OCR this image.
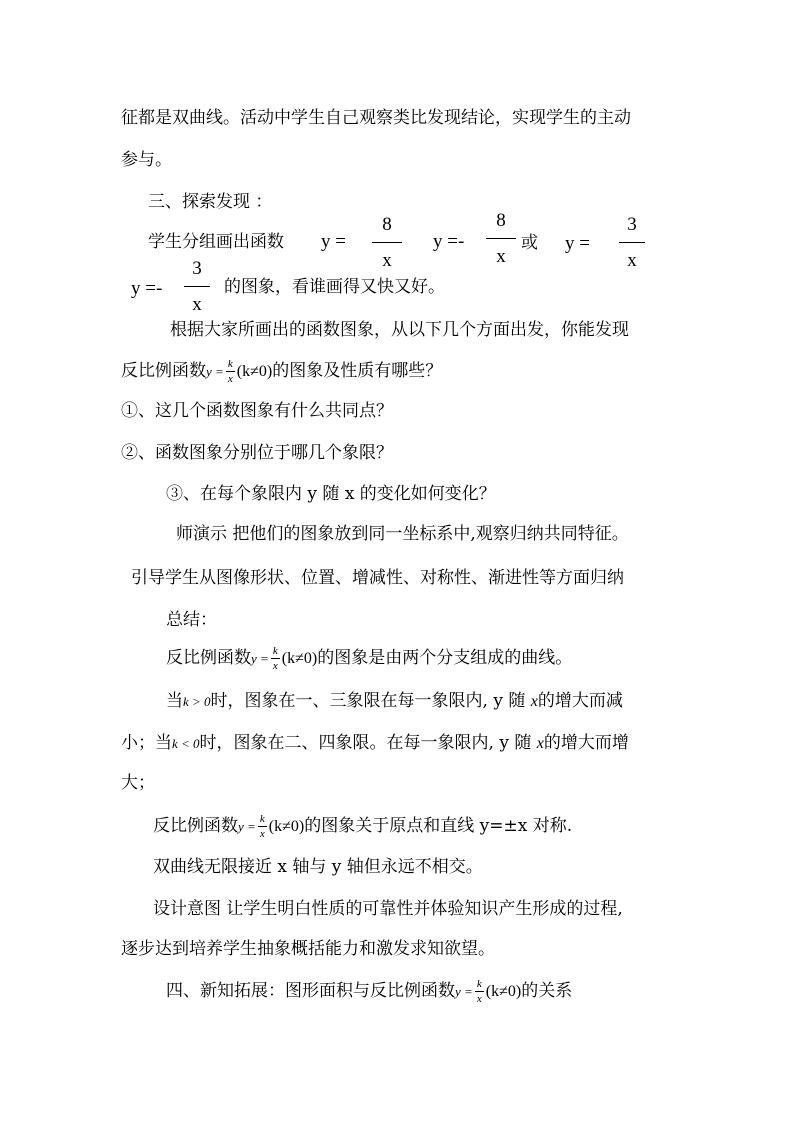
征都是双曲线。活动中学生自己观察类比发现结论，实现学生的主动
参与。
三、探索发现 ：
学生分组画出函数 y =
8
x
y =-
8
x
或 y =
3
x
y =-
3
x
的图象，看谁画得又快又好。
根据大家所画出的函数图象，从以下几个方面出发，你能发现
反比例函数$y = \frac{k}{x} (k\ne 0)$的图象及性质有哪些？
①、这几个函数图象有什么共同点？
②、函数图象分别位于哪几个象限？
③、在每个象限内 y 随 x 的变化如何变化？
师演示 把他们的图象放到同一坐标系中,观察归纳共同特征。
引导学生从图像形状、位置、增减性、对称性、渐进性等方面归纳
总结：
反比例函数$y = \frac{k}{x} (k\ne 0)$的图象是由两个分支组成的曲线。
当k > 0时，图象在一、三象限在每一象限内, y 随 x的增大而减
小；当k < 0时，图象在二、四象限。在每一象限内, y 随 x的增大而增
大；
反比例函数$y = \frac{k}{x} (k\ne 0)$的图象关于原点和直线 y=±x 对称.
双曲线无限接近 x 轴与 y 轴但永远不相交。
设计意图 让学生明白性质的可靠性并体验知识产生形成的过程,
逐步达到培养学生抽象概括能力和激发求知欲望。
四、新知拓展：图形面积与反比例函数$y = \frac{k}{x} (k\ne 0)$的关系
